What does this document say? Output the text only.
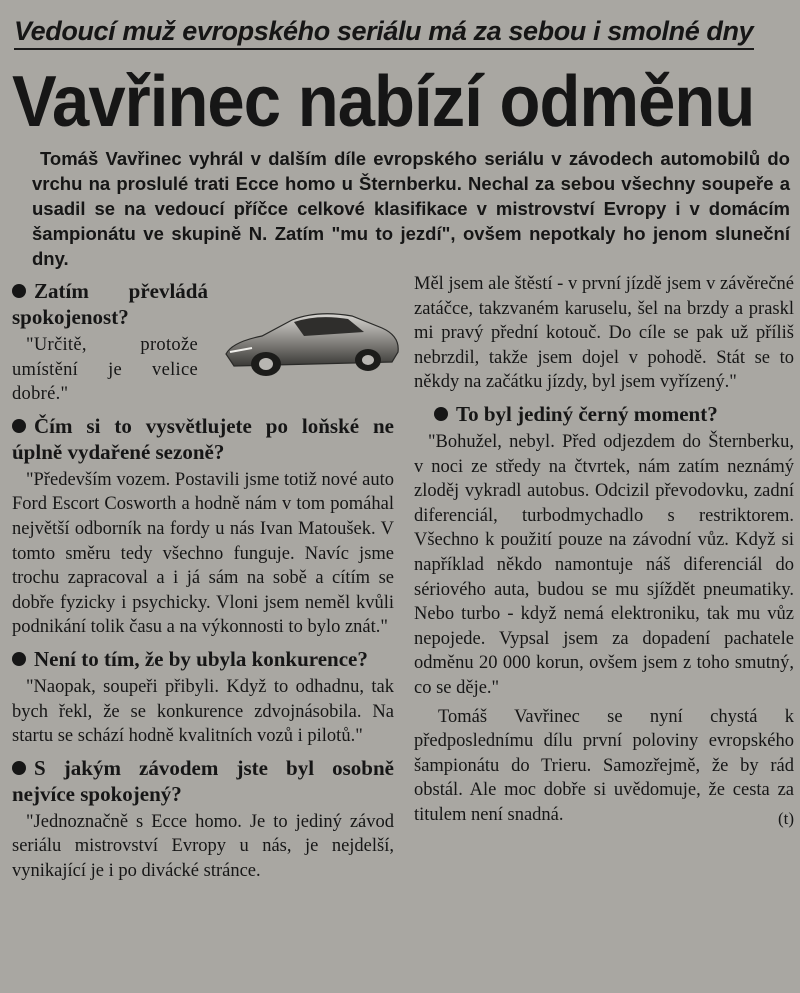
Vedoucí muž evropského seriálu má za sebou i smolné dny
Vavřinec nabízí odměnu
Tomáš Vavřinec vyhrál v dalším díle evropského seriálu v závodech automobilů do vrchu na proslulé trati Ecce homo u Šternberku. Nechal za sebou všechny soupeře a usadil se na vedoucí příčce celkové klasifikace v mistrovství Evropy i v domácím šampionátu ve skupině N. Zatím "mu to jezdí", ovšem nepotkaly ho jenom sluneční dny.
Zatím převládá spokojenost?
"Určitě, protože umístění je velice dobré."
Čím si to vysvětlujete po loňské ne úplně vydařené sezoně?
"Především vozem. Postavili jsme totiž nové auto Ford Escort Cosworth a hodně nám v tom pomáhal největší odborník na fordy u nás Ivan Matoušek. V tomto směru tedy všechno funguje. Navíc jsme trochu zapracoval a i já sám na sobě a cítím se dobře fyzicky i psychicky. Vloni jsem neměl kvůli podnikání tolik času a na výkonnosti to bylo znát."
Není to tím, že by ubyla konkurence?
"Naopak, soupeři přibyli. Když to odhadnu, tak bych řekl, že se konkurence zdvojnásobila. Na startu se schází hodně kvalitních vozů i pilotů."
S jakým závodem jste byl osobně nejvíce spokojený?
"Jednoznačně s Ecce homo. Je to jediný závod seriálu mistrovství Evropy u nás, je nejdelší, vynikající je i po divácké stránce.
Měl jsem ale štěstí - v první jízdě jsem v závěrečné zatáčce, takzvaném karuselu, šel na brzdy a praskl mi pravý přední kotouč. Do cíle se pak už příliš nebrzdil, takže jsem dojel v pohodě. Stát se to někdy na začátku jízdy, byl jsem vyřízený."
To byl jediný černý moment?
"Bohužel, nebyl. Před odjezdem do Šternberku, v noci ze středy na čtvrtek, nám zatím neznámý zloděj vykradl autobus. Odcizil převodovku, zadní diferenciál, turbodmychadlo s restriktorem. Všechno k použití pouze na závodní vůz. Když si například někdo namontuje náš diferenciál do sériového auta, budou se mu sjíždět pneumatiky. Nebo turbo - když nemá elektroniku, tak mu vůz nepojede. Vypsal jsem za dopadení pachatele odměnu 20 000 korun, ovšem jsem z toho smutný, co se děje."
Tomáš Vavřinec se nyní chystá k předposlednímu dílu první poloviny evropského šampionátu do Trieru. Samozřejmě, že by rád obstál. Ale moc dobře si uvědomuje, že cesta za titulem není snadná.	(t)
